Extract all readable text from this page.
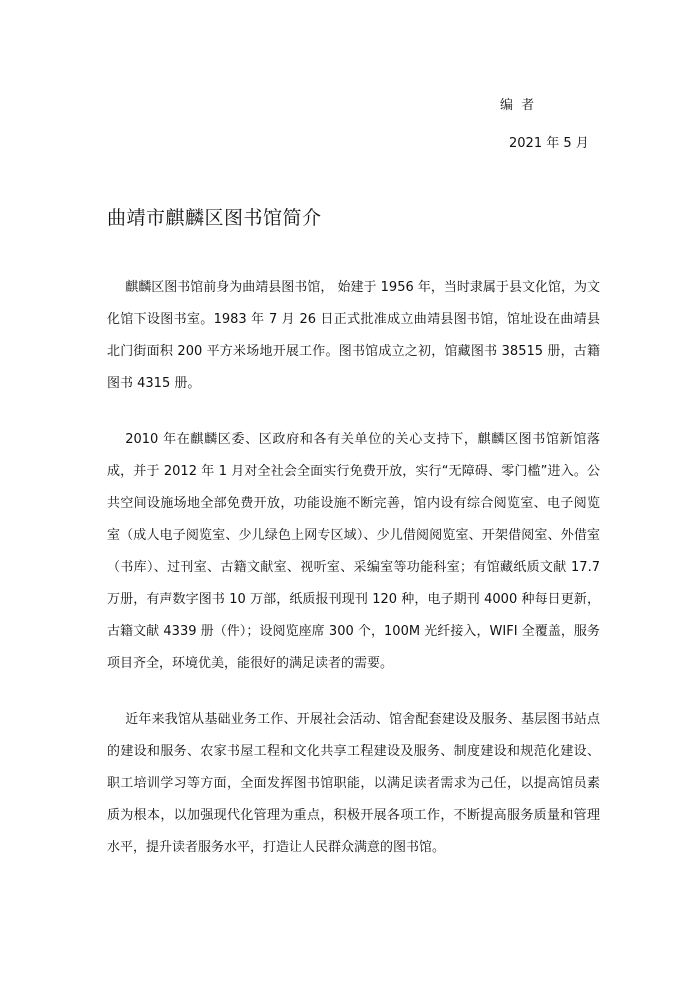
编 者
2021 年 5 月
曲靖市麒麟区图书馆简介

麒麟区图书馆前身为曲靖县图书馆， 始建于 1956 年，当时隶属于县文化馆，为文化馆下设图书室。1983 年 7 月 26 日正式批准成立曲靖县图书馆，馆址设在曲靖县北门街面积 200 平方米场地开展工作。图书馆成立之初，馆藏图书 38515 册，古籍图书 4315 册。

2010 年在麒麟区委、区政府和各有关单位的关心支持下，麒麟区图书馆新馆落成，并于 2012 年 1 月对全社会全面实行免费开放，实行“无障碍、零门槛”进入。公共空间设施场地全部免费开放，功能设施不断完善，馆内设有综合阅览室、电子阅览室（成人电子阅览室、少儿绿色上网专区域）、少儿借阅阅览室、开架借阅室、外借室（书库）、过刊室、古籍文献室、视听室、采编室等功能科室；有馆藏纸质文献 17.7 万册，有声数字图书 10 万部，纸质报刊现刊 120 种，电子期刊 4000 种每日更新，古籍文献 4339 册（件）；设阅览座席 300 个，100M 光纤接入，WIFI 全覆盖，服务项目齐全，环境优美，能很好的满足读者的需要。

近年来我馆从基础业务工作、开展社会活动、馆舍配套建设及服务、基层图书站点的建设和服务、农家书屋工程和文化共享工程建设及服务、制度建设和规范化建设、职工培训学习等方面，全面发挥图书馆职能，以满足读者需求为己任，以提高馆员素质为根本，以加强现代化管理为重点，积极开展各项工作，不断提高服务质量和管理水平，提升读者服务水平，打造让人民群众满意的图书馆。
